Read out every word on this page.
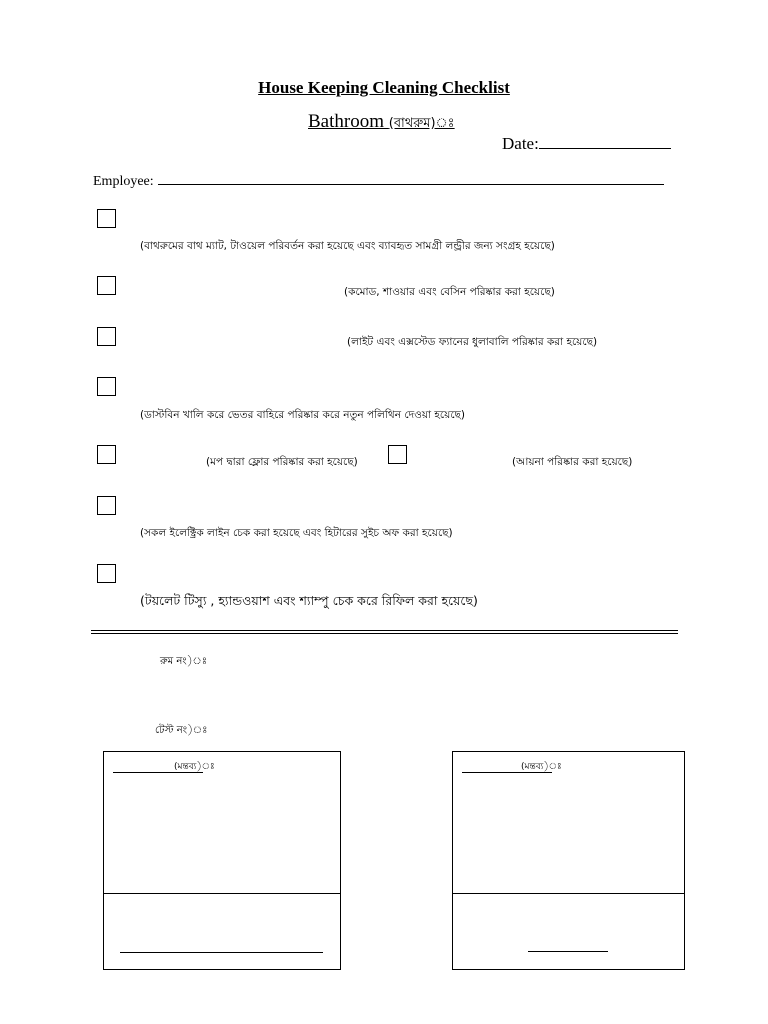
House Keeping Cleaning Checklist
Bathroom (বাথরুম)ঃ
Date:
Employee:
(বাথরুমের বাথ ম্যাট, টাওয়েল পরিবর্তন করা হয়েছে এবং ব্যাবহৃত সামগ্রী লন্ড্রীর জন্য সংগ্রহ হয়েছে)
(কমোড, শাওয়ার এবং বেসিন পরিষ্কার করা হয়েছে)
(লাইট এবং এক্সস্টেড ফ্যানের ধুলাবালি পরিষ্কার করা হয়েছে)
(ডাস্টবিন খালি করে ভেতর বাহিরে পরিষ্কার করে নতুন পলিথিন দেওয়া হয়েছে)
(মপ দ্বারা ফ্লোর পরিষ্কার করা হয়েছে)	(আয়না পরিষ্কার করা হয়েছে)
(সকল ইলেক্ট্রিক লাইন চেক করা হয়েছে এবং হিটারের সুইচ অফ করা হয়েছে)
(টয়লেট টিস্যু , হ্যান্ডওয়াশ এবং শ্যাম্পু চেক করে রিফিল করা হয়েছে)
রুম নং)ঃ
টেস্ট নং)ঃ
(মন্তব্য)ঃ	(মন্তব্য)ঃ
